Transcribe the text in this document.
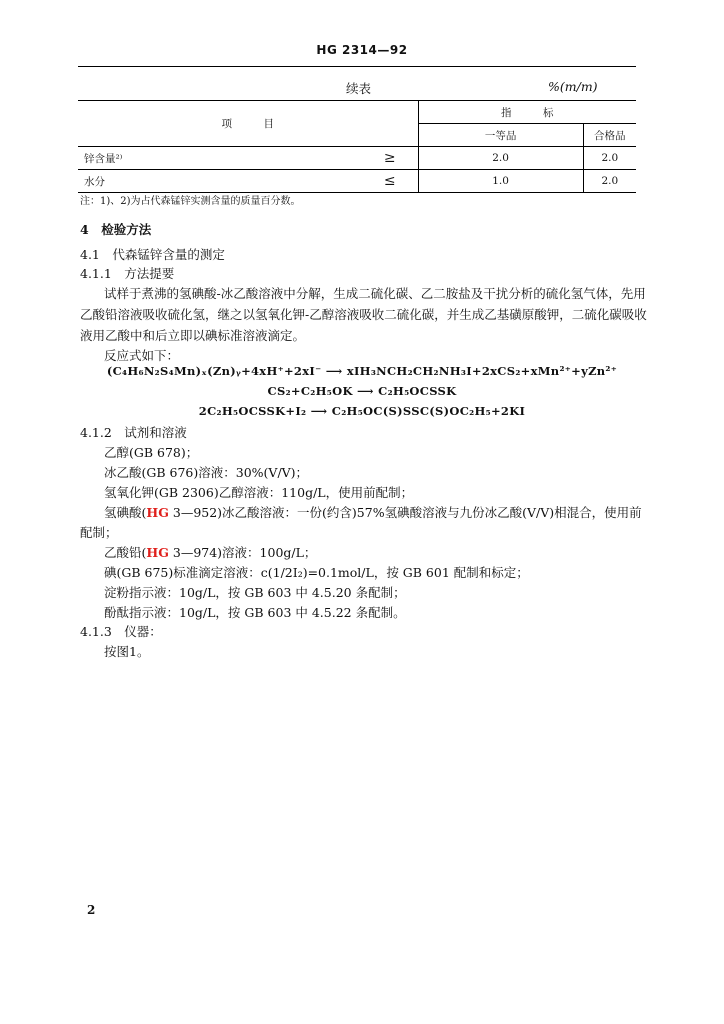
HG 2314—92
续表	%(m/m)
项　　　目		指　　　标	
		一等品	合格品
锌含量²⁾	≥	2.0	2.0
水分	≤	1.0	2.0
注：1)、2)为占代森锰锌实测含量的质量百分数。
4　检验方法
4.1　代森锰锌含量的测定
4.1.1　方法提要
试样于煮沸的氢碘酸-冰乙酸溶液中分解，生成二硫化碳、乙二胺盐及干扰分析的硫化氢气体，先用
乙酸铅溶液吸收硫化氢，继之以氢氧化钾-乙醇溶液吸收二硫化碳，并生成乙基磺原酸钾，二硫化碳吸收
液用乙酸中和后立即以碘标准溶液滴定。
反应式如下：
(C₄H₆N₂S₄Mn)ₓ(Zn)ᵧ+4xH⁺+2xI⁻ ⟶ xIH₃NCH₂CH₂NH₃I+2xCS₂+xMn²⁺+yZn²⁺
CS₂+C₂H₅OK ⟶ C₂H₅OCSSK
2C₂H₅OCSSK+I₂ ⟶ C₂H₅OC(S)SSC(S)OC₂H₅+2KI
4.1.2　试剂和溶液
乙醇(GB 678)；
冰乙酸(GB 676)溶液：30%(V/V)；
氢氧化钾(GB 2306)乙醇溶液：110g/L，使用前配制；
氢碘酸(HG 3—952)冰乙酸溶液：一份(约含)57%氢碘酸溶液与九份冰乙酸(V/V)相混合，使用前
配制；
乙酸铅(HG 3—974)溶液：100g/L；
碘(GB 675)标准滴定溶液：c(1/2I₂)=0.1mol/L，按 GB 601 配制和标定；
淀粉指示液：10g/L，按 GB 603 中 4.5.20 条配制；
酚酞指示液：10g/L，按 GB 603 中 4.5.22 条配制。
4.1.3　仪器：
按图1。
2
